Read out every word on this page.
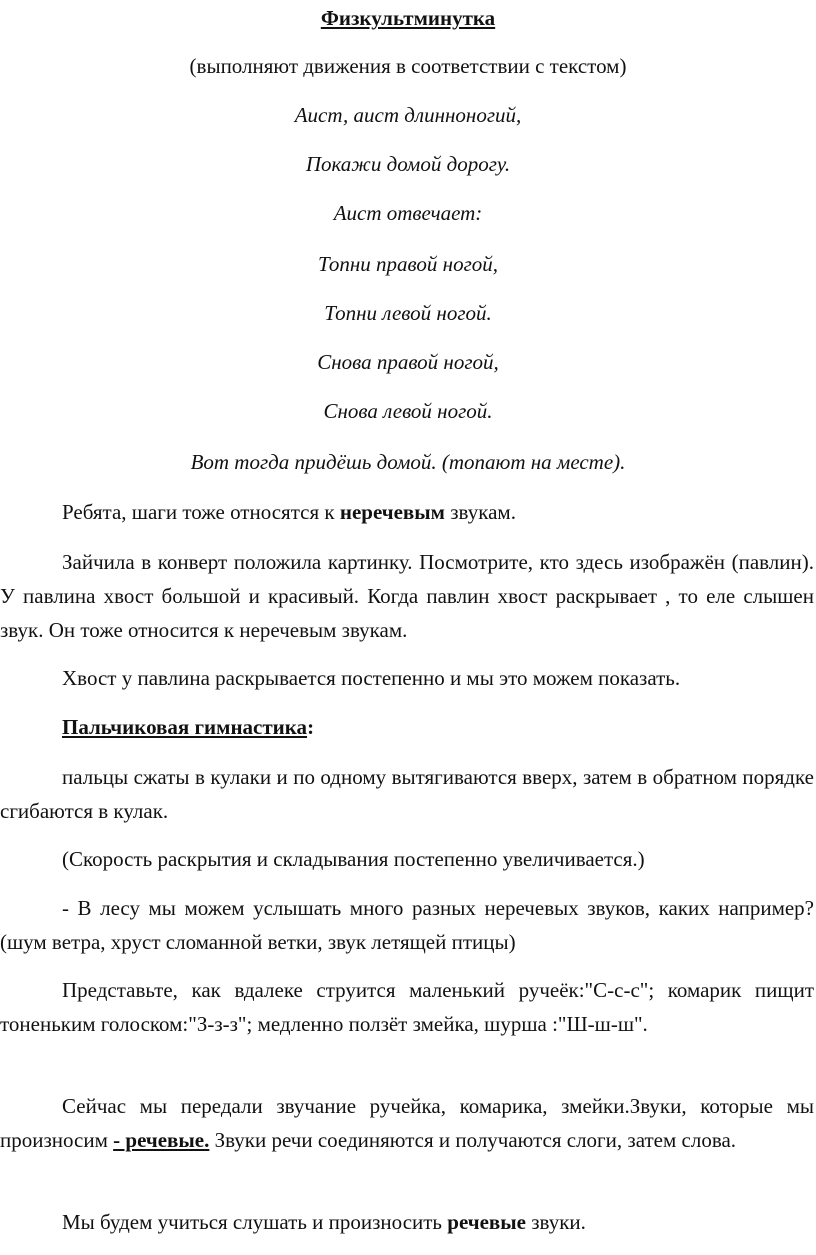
Физкультминутка

(выполняют движения в соответствии с текстом)

Аист, аист длинноногий,

Покажи домой дорогу.

Аист отвечает:

Топни правой ногой,

Топни левой ногой.

Снова правой ногой,

Снова левой ногой.

Вот тогда придёшь домой. (топают на месте).

Ребята, шаги тоже относятся к неречевым звукам.

Зайчила в конверт положила картинку. Посмотрите, кто здесь изображён (павлин). У павлина хвост большой и красивый. Когда павлин хвост раскрывает , то еле слышен звук. Он тоже относится к неречевым звукам.

Хвост у павлина раскрывается постепенно и мы это можем показать.

Пальчиковая гимнастика:

пальцы сжаты в кулаки и по одному вытягиваются вверх, затем в обратном порядке сгибаются в кулак.

(Скорость раскрытия и складывания постепенно увеличивается.)

- В лесу мы можем услышать много разных неречевых звуков, каких например? (шум ветра, хруст сломанной ветки, звук летящей птицы)

Представьте, как вдалеке струится маленький ручеёк:"С-с-с"; комарик пищит тоненьким голоском:"З-з-з"; медленно ползёт змейка, шурша :"Ш-ш-ш".

Сейчас мы передали звучание ручейка, комарика, змейки.Звуки, которые мы произносим - речевые. Звуки речи соединяются и получаются слоги, затем слова.

Мы будем учиться слушать и произносить речевые звуки.
